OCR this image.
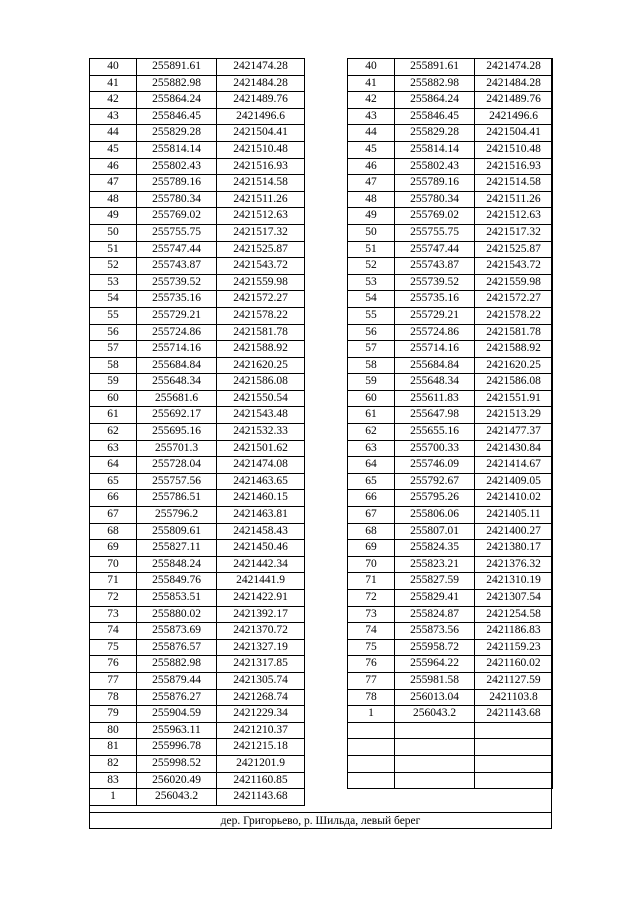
40	255891.61	2421474.28
41	255882.98	2421484.28
42	255864.24	2421489.76
43	255846.45	2421496.6
44	255829.28	2421504.41
45	255814.14	2421510.48
46	255802.43	2421516.93
47	255789.16	2421514.58
48	255780.34	2421511.26
49	255769.02	2421512.63
50	255755.75	2421517.32
51	255747.44	2421525.87
52	255743.87	2421543.72
53	255739.52	2421559.98
54	255735.16	2421572.27
55	255729.21	2421578.22
56	255724.86	2421581.78
57	255714.16	2421588.92
58	255684.84	2421620.25
59	255648.34	2421586.08
60	255681.6	2421550.54
61	255692.17	2421543.48
62	255695.16	2421532.33
63	255701.3	2421501.62
64	255728.04	2421474.08
65	255757.56	2421463.65
66	255786.51	2421460.15
67	255796.2	2421463.81
68	255809.61	2421458.43
69	255827.11	2421450.46
70	255848.24	2421442.34
71	255849.76	2421441.9
72	255853.51	2421422.91
73	255880.02	2421392.17
74	255873.69	2421370.72
75	255876.57	2421327.19
76	255882.98	2421317.85
77	255879.44	2421305.74
78	255876.27	2421268.74
79	255904.59	2421229.34
80	255963.11	2421210.37
81	255996.78	2421215.18
82	255998.52	2421201.9
83	256020.49	2421160.85
1	256043.2	2421143.68
40	255891.61	2421474.28
41	255882.98	2421484.28
42	255864.24	2421489.76
43	255846.45	2421496.6
44	255829.28	2421504.41
45	255814.14	2421510.48
46	255802.43	2421516.93
47	255789.16	2421514.58
48	255780.34	2421511.26
49	255769.02	2421512.63
50	255755.75	2421517.32
51	255747.44	2421525.87
52	255743.87	2421543.72
53	255739.52	2421559.98
54	255735.16	2421572.27
55	255729.21	2421578.22
56	255724.86	2421581.78
57	255714.16	2421588.92
58	255684.84	2421620.25
59	255648.34	2421586.08
60	255611.83	2421551.91
61	255647.98	2421513.29
62	255655.16	2421477.37
63	255700.33	2421430.84
64	255746.09	2421414.67
65	255792.67	2421409.05
66	255795.26	2421410.02
67	255806.06	2421405.11
68	255807.01	2421400.27
69	255824.35	2421380.17
70	255823.21	2421376.32
71	255827.59	2421310.19
72	255829.41	2421307.54
73	255824.87	2421254.58
74	255873.56	2421186.83
75	255958.72	2421159.23
76	255964.22	2421160.02
77	255981.58	2421127.59
78	256013.04	2421103.8
1	256043.2	2421143.68

дер. Григорьево, р. Шильда, левый берег
